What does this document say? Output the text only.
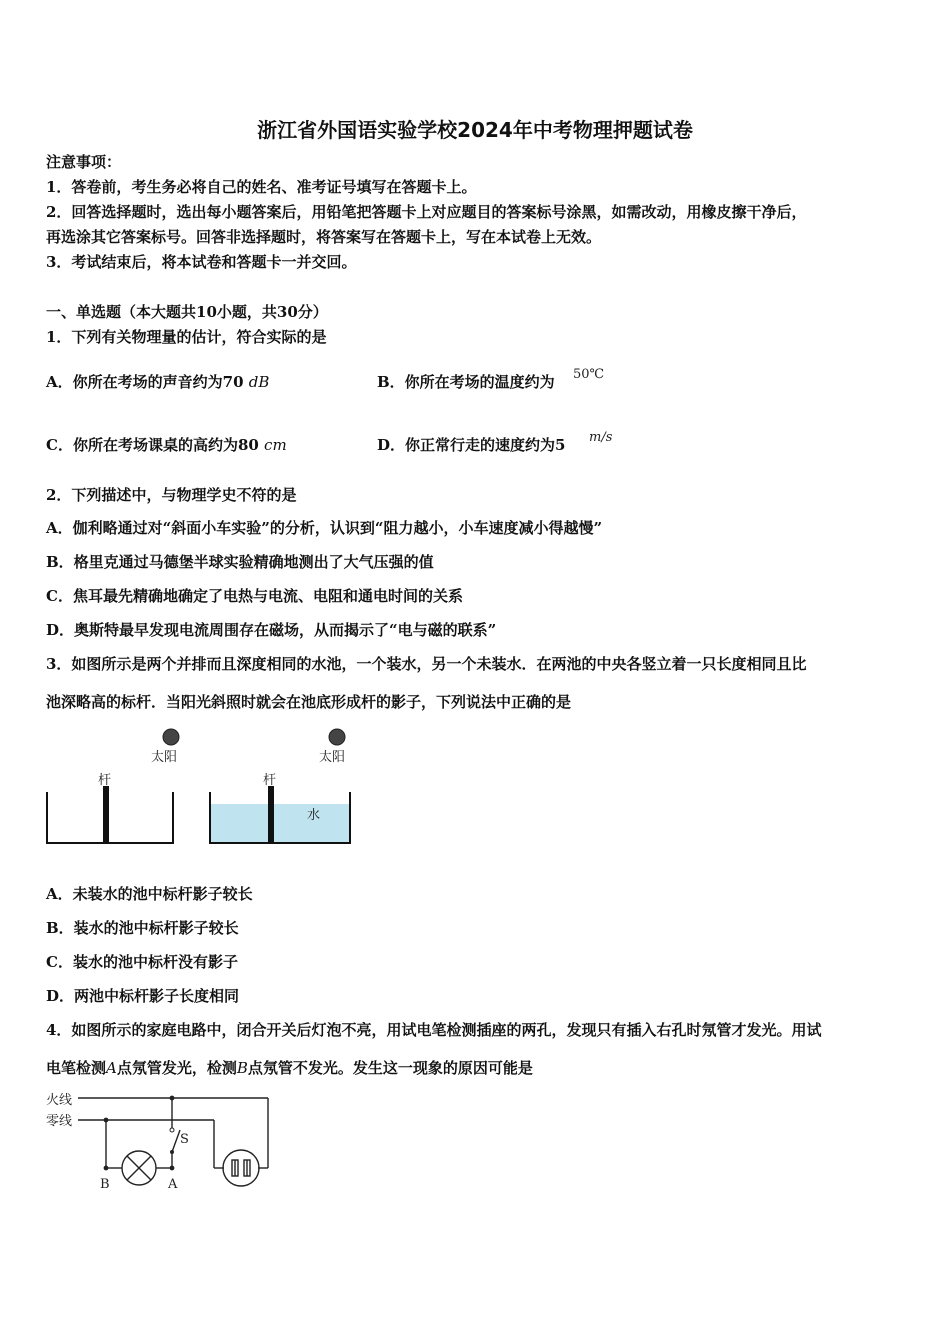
浙江省外国语实验学校2024年中考物理押题试卷
注意事项：
1．答卷前，考生务必将自己的姓名、准考证号填写在答题卡上。
2．回答选择题时，选出每小题答案后，用铅笔把答题卡上对应题目的答案标号涂黑，如需改动，用橡皮擦干净后，
再选涂其它答案标号。回答非选择题时，将答案写在答题卡上，写在本试卷上无效。
3．考试结束后，将本试卷和答题卡一并交回。
一、单选题（本大题共10小题，共30分）
1．下列有关物理量的估计，符合实际的是
A．你所在考场的声音约为70 dB	B．你所在考场的温度约为 50℃
C．你所在考场课桌的高约为80 cm	D．你正常行走的速度约为5 m/s
2．下列描述中，与物理学史不符的是
A．伽利略通过对“斜面小车实验”的分析，认识到“阻力越小，小车速度减小得越慢”
B．格里克通过马德堡半球实验精确地测出了大气压强的值
C．焦耳最先精确地确定了电热与电流、电阻和通电时间的关系
D．奥斯特最早发现电流周围存在磁场，从而揭示了“电与磁的联系”
3．如图所示是两个并排而且深度相同的水池，一个装水，另一个未装水．在两池的中央各竖立着一只长度相同且比
池深略高的标杆．当阳光斜照时就会在池底形成杆的影子，下列说法中正确的是
太阳	太阳
杆	杆
水
A．未装水的池中标杆影子较长
B．装水的池中标杆影子较长
C．装水的池中标杆没有影子
D．两池中标杆影子长度相同
4．如图所示的家庭电路中，闭合开关后灯泡不亮，用试电笔检测插座的两孔，发现只有插入右孔时氖管才发光。用试
电笔检测A点氖管发光，检测B点氖管不发光。发生这一现象的原因可能是
火线
零线
S
B	A
